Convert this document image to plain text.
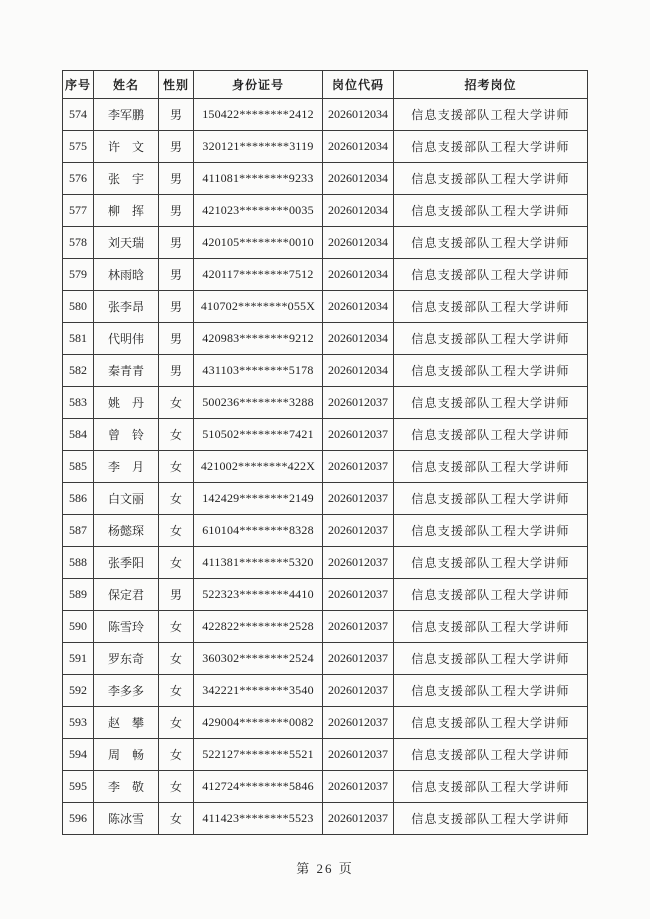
序号	姓名	性别	身份证号	岗位代码	招考岗位
574	李军鹏	男	150422********2412	2026012034	信息支援部队工程大学讲师
575	许　文	男	320121********3119	2026012034	信息支援部队工程大学讲师
576	张　宇	男	411081********9233	2026012034	信息支援部队工程大学讲师
577	柳　挥	男	421023********0035	2026012034	信息支援部队工程大学讲师
578	刘天瑞	男	420105********0010	2026012034	信息支援部队工程大学讲师
579	林雨晗	男	420117********7512	2026012034	信息支援部队工程大学讲师
580	张李昂	男	410702********055X	2026012034	信息支援部队工程大学讲师
581	代明伟	男	420983********9212	2026012034	信息支援部队工程大学讲师
582	秦青青	男	431103********5178	2026012034	信息支援部队工程大学讲师
583	姚　丹	女	500236********3288	2026012037	信息支援部队工程大学讲师
584	曾　铃	女	510502********7421	2026012037	信息支援部队工程大学讲师
585	李　月	女	421002********422X	2026012037	信息支援部队工程大学讲师
586	白文丽	女	142429********2149	2026012037	信息支援部队工程大学讲师
587	杨懿琛	女	610104********8328	2026012037	信息支援部队工程大学讲师
588	张季阳	女	411381********5320	2026012037	信息支援部队工程大学讲师
589	保定君	男	522323********4410	2026012037	信息支援部队工程大学讲师
590	陈雪玲	女	422822********2528	2026012037	信息支援部队工程大学讲师
591	罗东奇	女	360302********2524	2026012037	信息支援部队工程大学讲师
592	李多多	女	342221********3540	2026012037	信息支援部队工程大学讲师
593	赵　攀	女	429004********0082	2026012037	信息支援部队工程大学讲师
594	周　畅	女	522127********5521	2026012037	信息支援部队工程大学讲师
595	李　敬	女	412724********5846	2026012037	信息支援部队工程大学讲师
596	陈冰雪	女	411423********5523	2026012037	信息支援部队工程大学讲师
第 26 页
